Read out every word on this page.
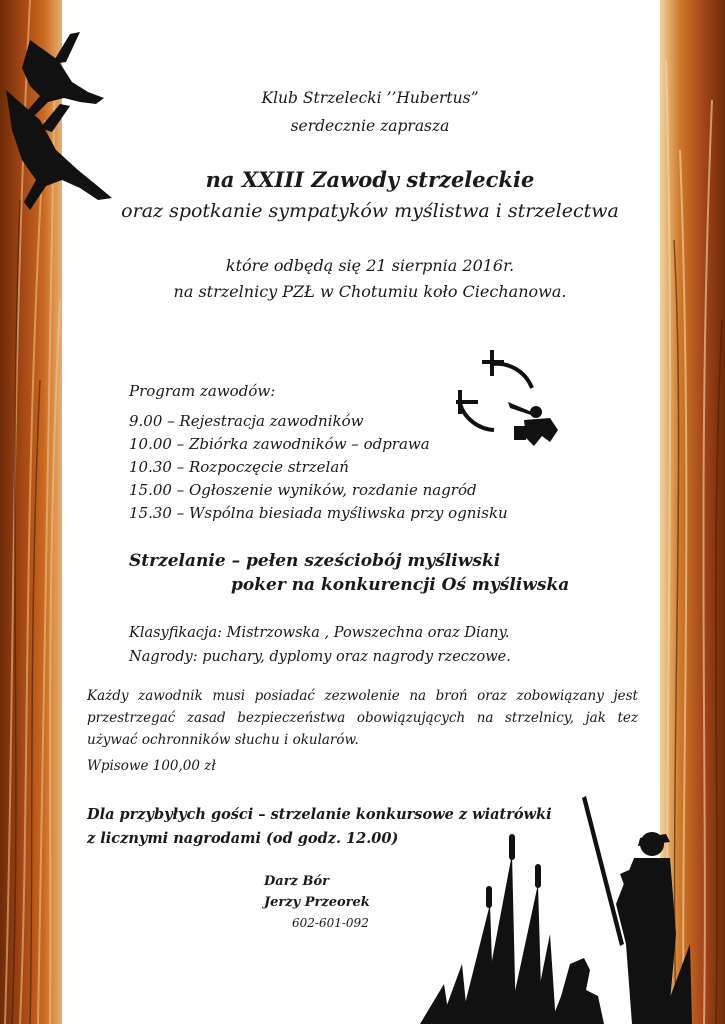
Klub Strzelecki ’’Hubertus”

serdecznie zaprasza

na XXIII Zawody strzeleckie

oraz spotkanie sympatyków myślistwa i strzelectwa

które odbędą się 21 sierpnia 2016r.

na strzelnicy PZŁ w Chotumiu koło Ciechanowa.

Program zawodów:

9.00 – Rejestracja zawodników

10.00 – Zbiórka zawodników – odprawa

10.30 – Rozpoczęcie strzelań

15.00 – Ogłoszenie wyników, rozdanie nagród

15.30 – Wspólna biesiada myśliwska przy ognisku

Strzelanie – pełen sześciobój myśliwski

poker na konkurencji Oś myśliwska

Klasyfikacja: Mistrzowska , Powszechna oraz Diany.

Nagrody: puchary, dyplomy oraz nagrody rzeczowe.

Każdy zawodnik musi posiadać zezwolenie na broń oraz zobowiązany jest przestrzegać zasad bezpieczeństwa obowiązujących na strzelnicy, jak tez używać ochronników słuchu i okularów.

Wpisowe 100,00 zł

Dla przybyłych gości – strzelanie konkursowe z wiatrówki

z licznymi nagrodami (od godz. 12.00)

Darz Bór

Jerzy Przeorek

602-601-092
